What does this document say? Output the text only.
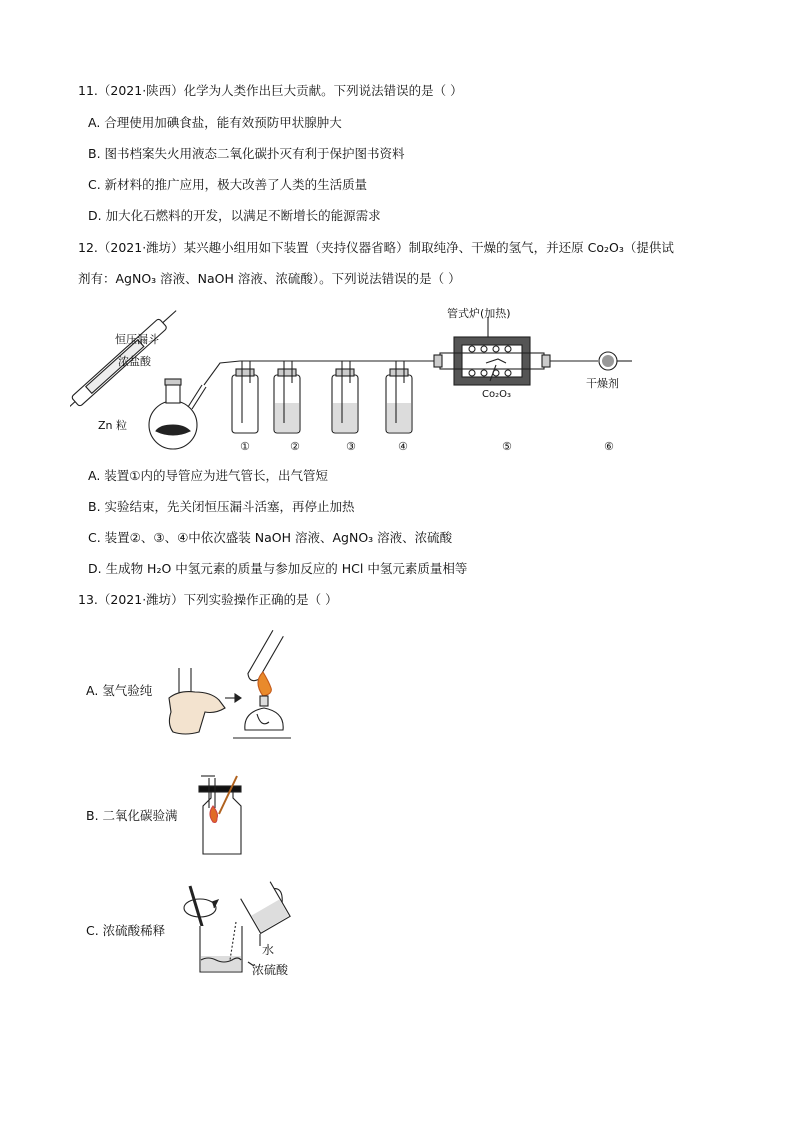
11.（2021·陕西）化学为人类作出巨大贡献。下列说法错误的是（ ）
A. 合理使用加碘食盐，能有效预防甲状腺肿大
B. 图书档案失火用液态二氧化碳扑灭有利于保护图书资料
C. 新材料的推广应用，极大改善了人类的生活质量
D. 加大化石燃料的开发，以满足不断增长的能源需求
12.（2021·潍坊）某兴趣小组用如下装置（夹持仪器省略）制取纯净、干燥的氢气，并还原 Co₂O₃（提供试
剂有：AgNO₃ 溶液、NaOH 溶液、浓硫酸）。下列说法错误的是（ ）
恒压漏斗
浓盐酸
Zn 粒
管式炉(加热)
Co₂O₃
干燥剂
①	②	③	④	⑤	⑥
A. 装置①内的导管应为进气管长，出气管短
B. 实验结束，先关闭恒压漏斗活塞，再停止加热
C. 装置②、③、④中依次盛装 NaOH 溶液、AgNO₃ 溶液、浓硫酸
D. 生成物 H₂O 中氢元素的质量与参加反应的 HCl 中氢元素质量相等
13.（2021·潍坊）下列实验操作正确的是（ ）
A. 氢气验纯
B. 二氧化碳验满
C. 浓硫酸稀释
水
浓硫酸
